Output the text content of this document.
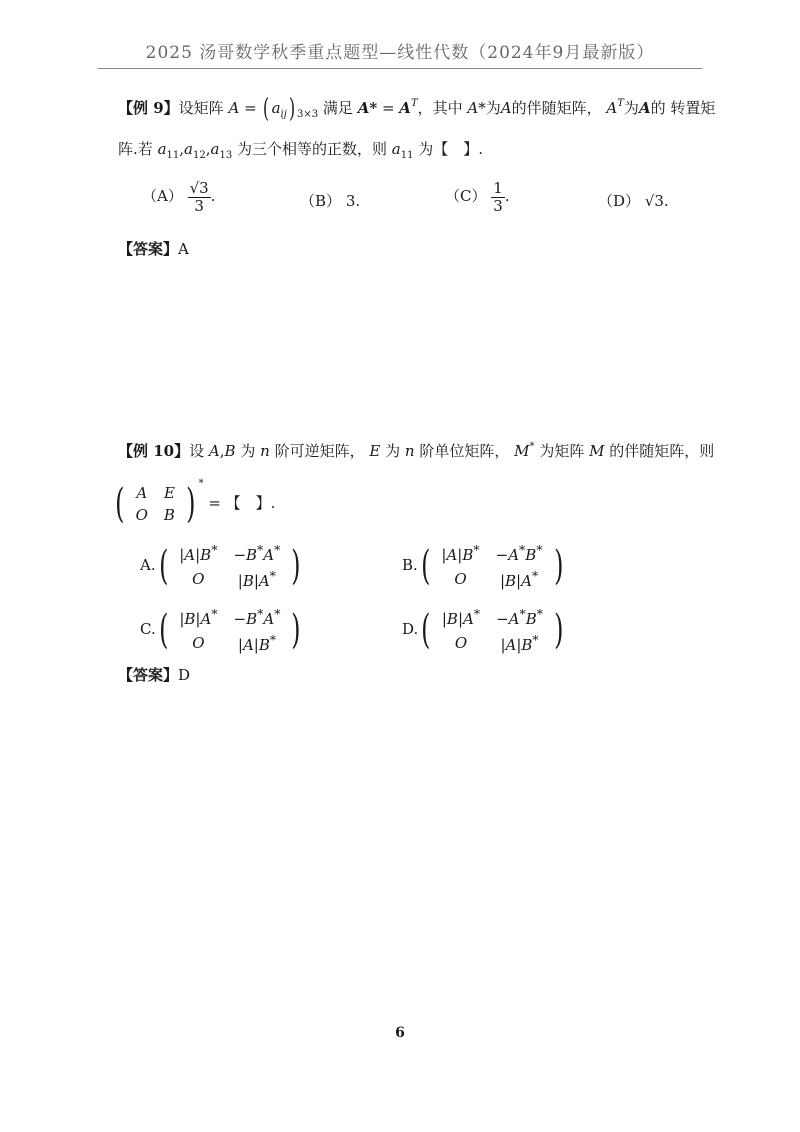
2025 汤哥数学秋季重点题型—线性代数（2024年9月最新版）
【例 9】设矩阵 A = ( $a_{ij}$) $_{3\times 3}$ 满足 $A* = A^T$，其中 A*为A的伴随矩阵， $A^T$为A的 转置矩
阵.若 $a_{11},a_{12},a_{13}$ 为三个相等的正数，则 $a_{11}$ 为【　】.
$(A) \frac{√3}{3}$ .	（B） 3.	$(C) \frac{1}{3}$ .	（D） √3.
【答案】A
【例 10】设 A,B 为 n 阶可逆矩阵， E 为 n 阶单位矩阵， M* 为矩阵 M 的伴随矩阵，则
( A	E
O	B ) * = 【　】.
A.( |A|B*	−B*A*
O	|B|A* )	B.( |A|B*	−A*B*
O	|B|A* )
C.( |B|A*	−B*A*
O	|A|B* )	D.( |B|A*	−A*B*
O	|A|B* )
【答案】D
6
